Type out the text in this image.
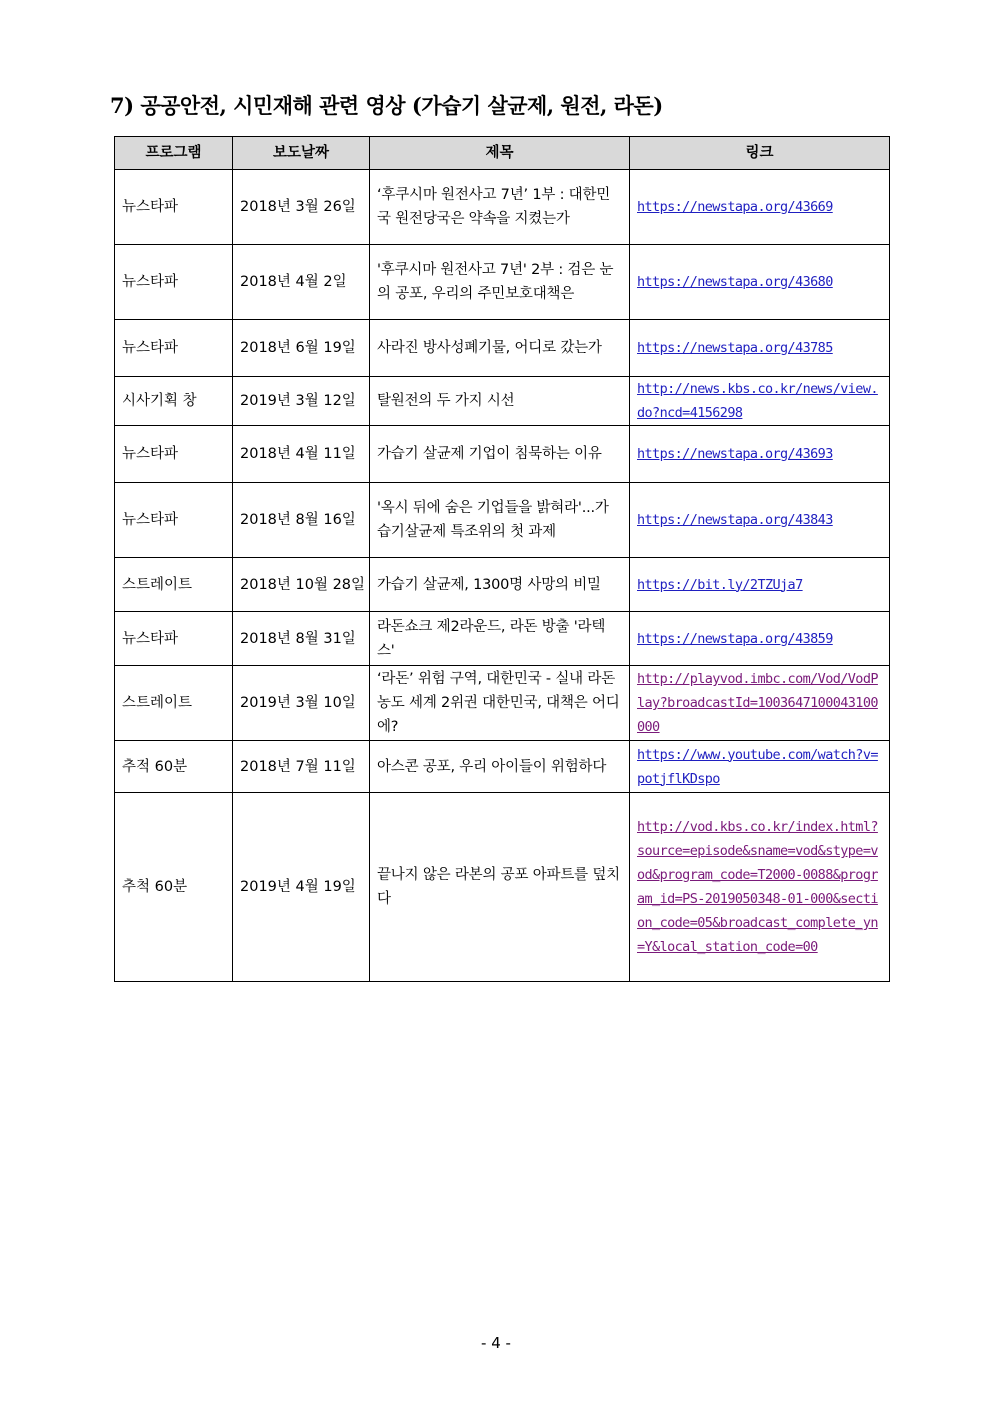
7) 공공안전, 시민재해 관련 영상 (가습기 살균제, 원전, 라돈)
프로그램	보도날짜	제목	링크
뉴스타파	2018년 3월 26일	‘후쿠시마 원전사고 7년’ 1부 : 대한민국 원전당국은 약속을 지켰는가	https://newstapa.org/43669
뉴스타파	2018년 4월 2일	'후쿠시마 원전사고 7년' 2부 : 검은 눈의 공포, 우리의 주민보호대책은	https://newstapa.org/43680
뉴스타파	2018년 6월 19일	사라진 방사성폐기물, 어디로 갔는가	https://newstapa.org/43785
시사기획 창	2019년 3월 12일	탈원전의 두 가지 시선	http://news.kbs.co.kr/news/view.do?ncd=4156298
뉴스타파	2018년 4월 11일	가습기 살균제 기업이 침묵하는 이유	https://newstapa.org/43693
뉴스타파	2018년 8월 16일	'옥시 뒤에 숨은 기업들을 밝혀라'...가습기살균제 특조위의 첫 과제	https://newstapa.org/43843
스트레이트	2018년 10월 28일	가습기 살균제, 1300명 사망의 비밀	https://bit.ly/2TZUja7
뉴스타파	2018년 8월 31일	라돈쇼크 제2라운드, 라돈 방출 '라텍스'	https://newstapa.org/43859
스트레이트	2019년 3월 10일	‘라돈’ 위험 구역, 대한민국 - 실내 라돈 농도 세계 2위권 대한민국, 대책은 어디에?	http://playvod.imbc.com/Vod/VodPlay?broadcastId=1003647100043100000
추적 60분	2018년 7월 11일	아스콘 공포, 우리 아이들이 위험하다	https://www.youtube.com/watch?v=potjflKDspo
추척 60분	2019년 4월 19일	끝나지 않은 라본의 공포 아파트를 덮치다	http://vod.kbs.co.kr/index.html?source=episode&sname=vod&stype=vod&program_code=T2000-0088&program_id=PS-2019050348-01-000&section_code=05&broadcast_complete_yn=Y&local_station_code=00
- 4 -
